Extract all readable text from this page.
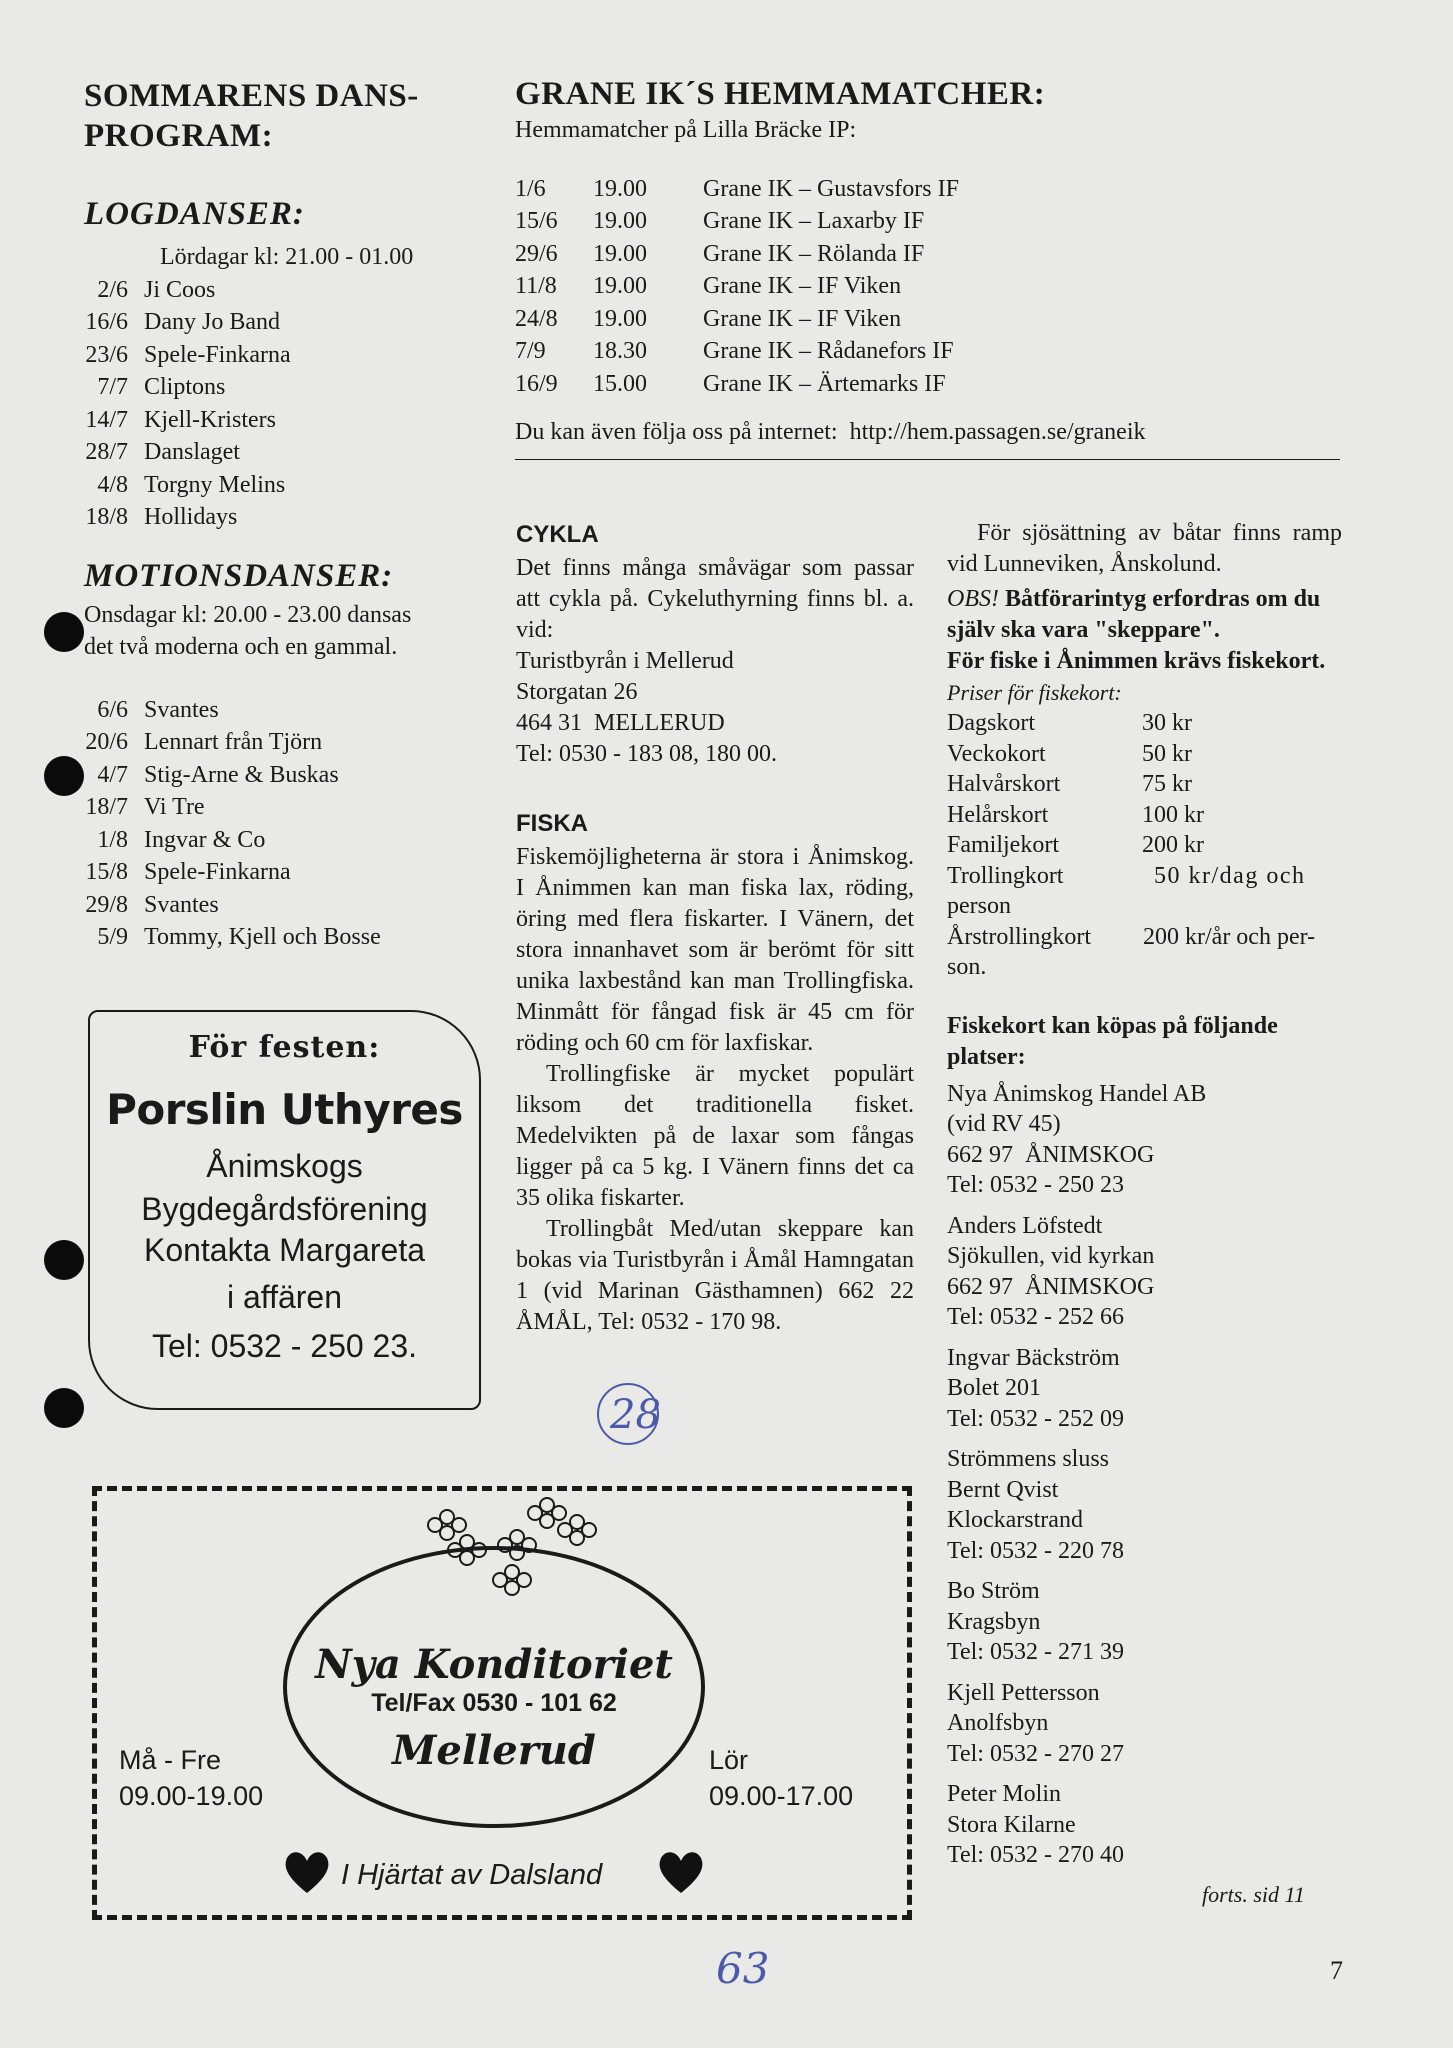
SOMMARENS DANS-
PROGRAM:
LOGDANSER:
Lördagar kl: 21.00 - 01.00
2/6 Ji Coos
16/6 Dany Jo Band
23/6 Spele-Finkarna
7/7 Cliptons
14/7 Kjell-Kristers
28/7 Danslaget
4/8 Torgny Melins
18/8 Hollidays
MOTIONSDANSER:
Onsdagar kl: 20.00 - 23.00 dansas
det två moderna och en gammal.
6/6 Svantes
20/6 Lennart från Tjörn
4/7 Stig-Arne & Buskas
18/7 Vi Tre
1/8 Ingvar & Co
15/8 Spele-Finkarna
29/8 Svantes
5/9 Tommy, Kjell och Bosse
För festen:
Porslin Uthyres
Ånimskogs
Bygdegårdsförening
Kontakta Margareta
i affären
Tel: 0532 - 250 23.
Nya Konditoriet
Tel/Fax 0530 - 101 62
Mellerud
Må - Fre
09.00-19.00
Lör
09.00-17.00
I Hjärtat av Dalsland
GRANE IK´S HEMMAMATCHER:
Hemmamatcher på Lilla Bräcke IP:
1/6	19.00	Grane IK – Gustavsfors IF
15/6	19.00	Grane IK – Laxarby IF
29/6	19.00	Grane IK – Rölanda IF
11/8	19.00	Grane IK – IF Viken
24/8	19.00	Grane IK – IF Viken
7/9	18.30	Grane IK – Rådanefors IF
16/9	15.00	Grane IK – Ärtemarks IF
Du kan även följa oss på internet:  http://hem.passagen.se/graneik
CYKLA
Det finns många småvägar som passar att cykla på. Cykeluthyrning finns bl. a. vid:
Turistbyrån i Mellerud
Storgatan 26
464 31  MELLERUD
Tel: 0530 - 183 08, 180 00.
FISKA
Fiskemöjligheterna är stora i Ånimskog. I Ånimmen kan man fiska lax, röding, öring med flera fiskarter. I Vänern, det stora innanhavet som är berömt för sitt unika laxbestånd kan man Trollingfiska. Minmått för fångad fisk är 45 cm för röding och 60 cm för laxfiskar.
Trollingfiske är mycket populärt liksom det traditionella fisket. Medelvikten på de laxar som fångas ligger på ca 5 kg. I Vänern finns det ca 35 olika fiskarter.
Trollingbåt Med/utan skeppare kan bokas via Turistbyrån i Åmål Hamngatan 1 (vid Marinan Gästhamnen) 662 22 ÅMÅL, Tel: 0532 - 170 98.
28
För sjösättning av båtar finns ramp vid Lunneviken, Ånskolund.
OBS! Båtförarintyg erfordras om du själv ska vara "skeppare".
För fiske i Ånimmen krävs fiskekort.
Priser för fiskekort:
Dagskort	30 kr
Veckokort	50 kr
Halvårskort	75 kr
Helårskort	100 kr
Familjekort	200 kr
Trollingkort	50 kr/dag och
person
Årstrollingkort	200 kr/år och per-
son.
Fiskekort kan köpas på följande platser:
Nya Ånimskog Handel AB
(vid RV 45)
662 97  ÅNIMSKOG
Tel: 0532 - 250 23
Anders Löfstedt
Sjökullen, vid kyrkan
662 97  ÅNIMSKOG
Tel: 0532 - 252 66
Ingvar Bäckström
Bolet 201
Tel: 0532 - 252 09
Strömmens sluss
Bernt Qvist
Klockarstrand
Tel: 0532 - 220 78
Bo Ström
Kragsbyn
Tel: 0532 - 271 39
Kjell Pettersson
Anolfsbyn
Tel: 0532 - 270 27
Peter Molin
Stora Kilarne
Tel: 0532 - 270 40
forts. sid 11
63	7
